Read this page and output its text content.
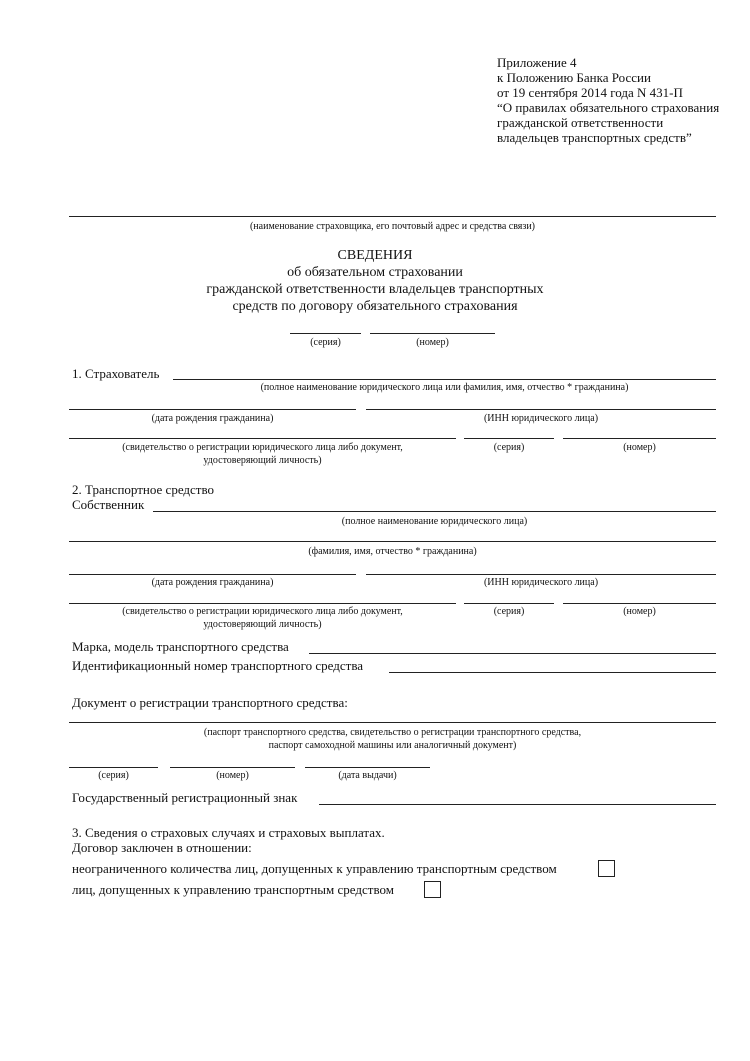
Приложение 4
к Положению Банка России
от 19 сентября 2014 года N 431-П
“О правилах обязательного страхования
гражданской ответственности
владельцев транспортных средств”
(наименование страховщика, его почтовый адрес и средства связи)
СВЕДЕНИЯ
об обязательном страховании
гражданской ответственности владельцев транспортных
средств по договору обязательного страхования
(серия)	(номер)
1. Страхователь
(полное наименование юридического лица или фамилия, имя, отчество * гражданина)
(дата рождения гражданина)	(ИНН юридического лица)
(свидетельство о регистрации юридического лица либо документ,
удостоверяющий личность)
(серия)	(номер)
2. Транспортное средство
Собственник
(полное наименование юридического лица)
(фамилия, имя, отчество * гражданина)
(дата рождения гражданина)	(ИНН юридического лица)
(свидетельство о регистрации юридического лица либо документ,
удостоверяющий личность)
(серия)	(номер)
Марка, модель транспортного средства
Идентификационный номер транспортного средства
Документ о регистрации транспортного средства:
(паспорт транспортного средства, свидетельство о регистрации транспортного средства,
паспорт самоходной машины или аналогичный документ)
(серия)	(номер)	(дата выдачи)
Государственный регистрационный знак
3. Сведения о страховых случаях и страховых выплатах.
Договор заключен в отношении:
неограниченного количества лиц, допущенных к управлению транспортным средством
лиц, допущенных к управлению транспортным средством
